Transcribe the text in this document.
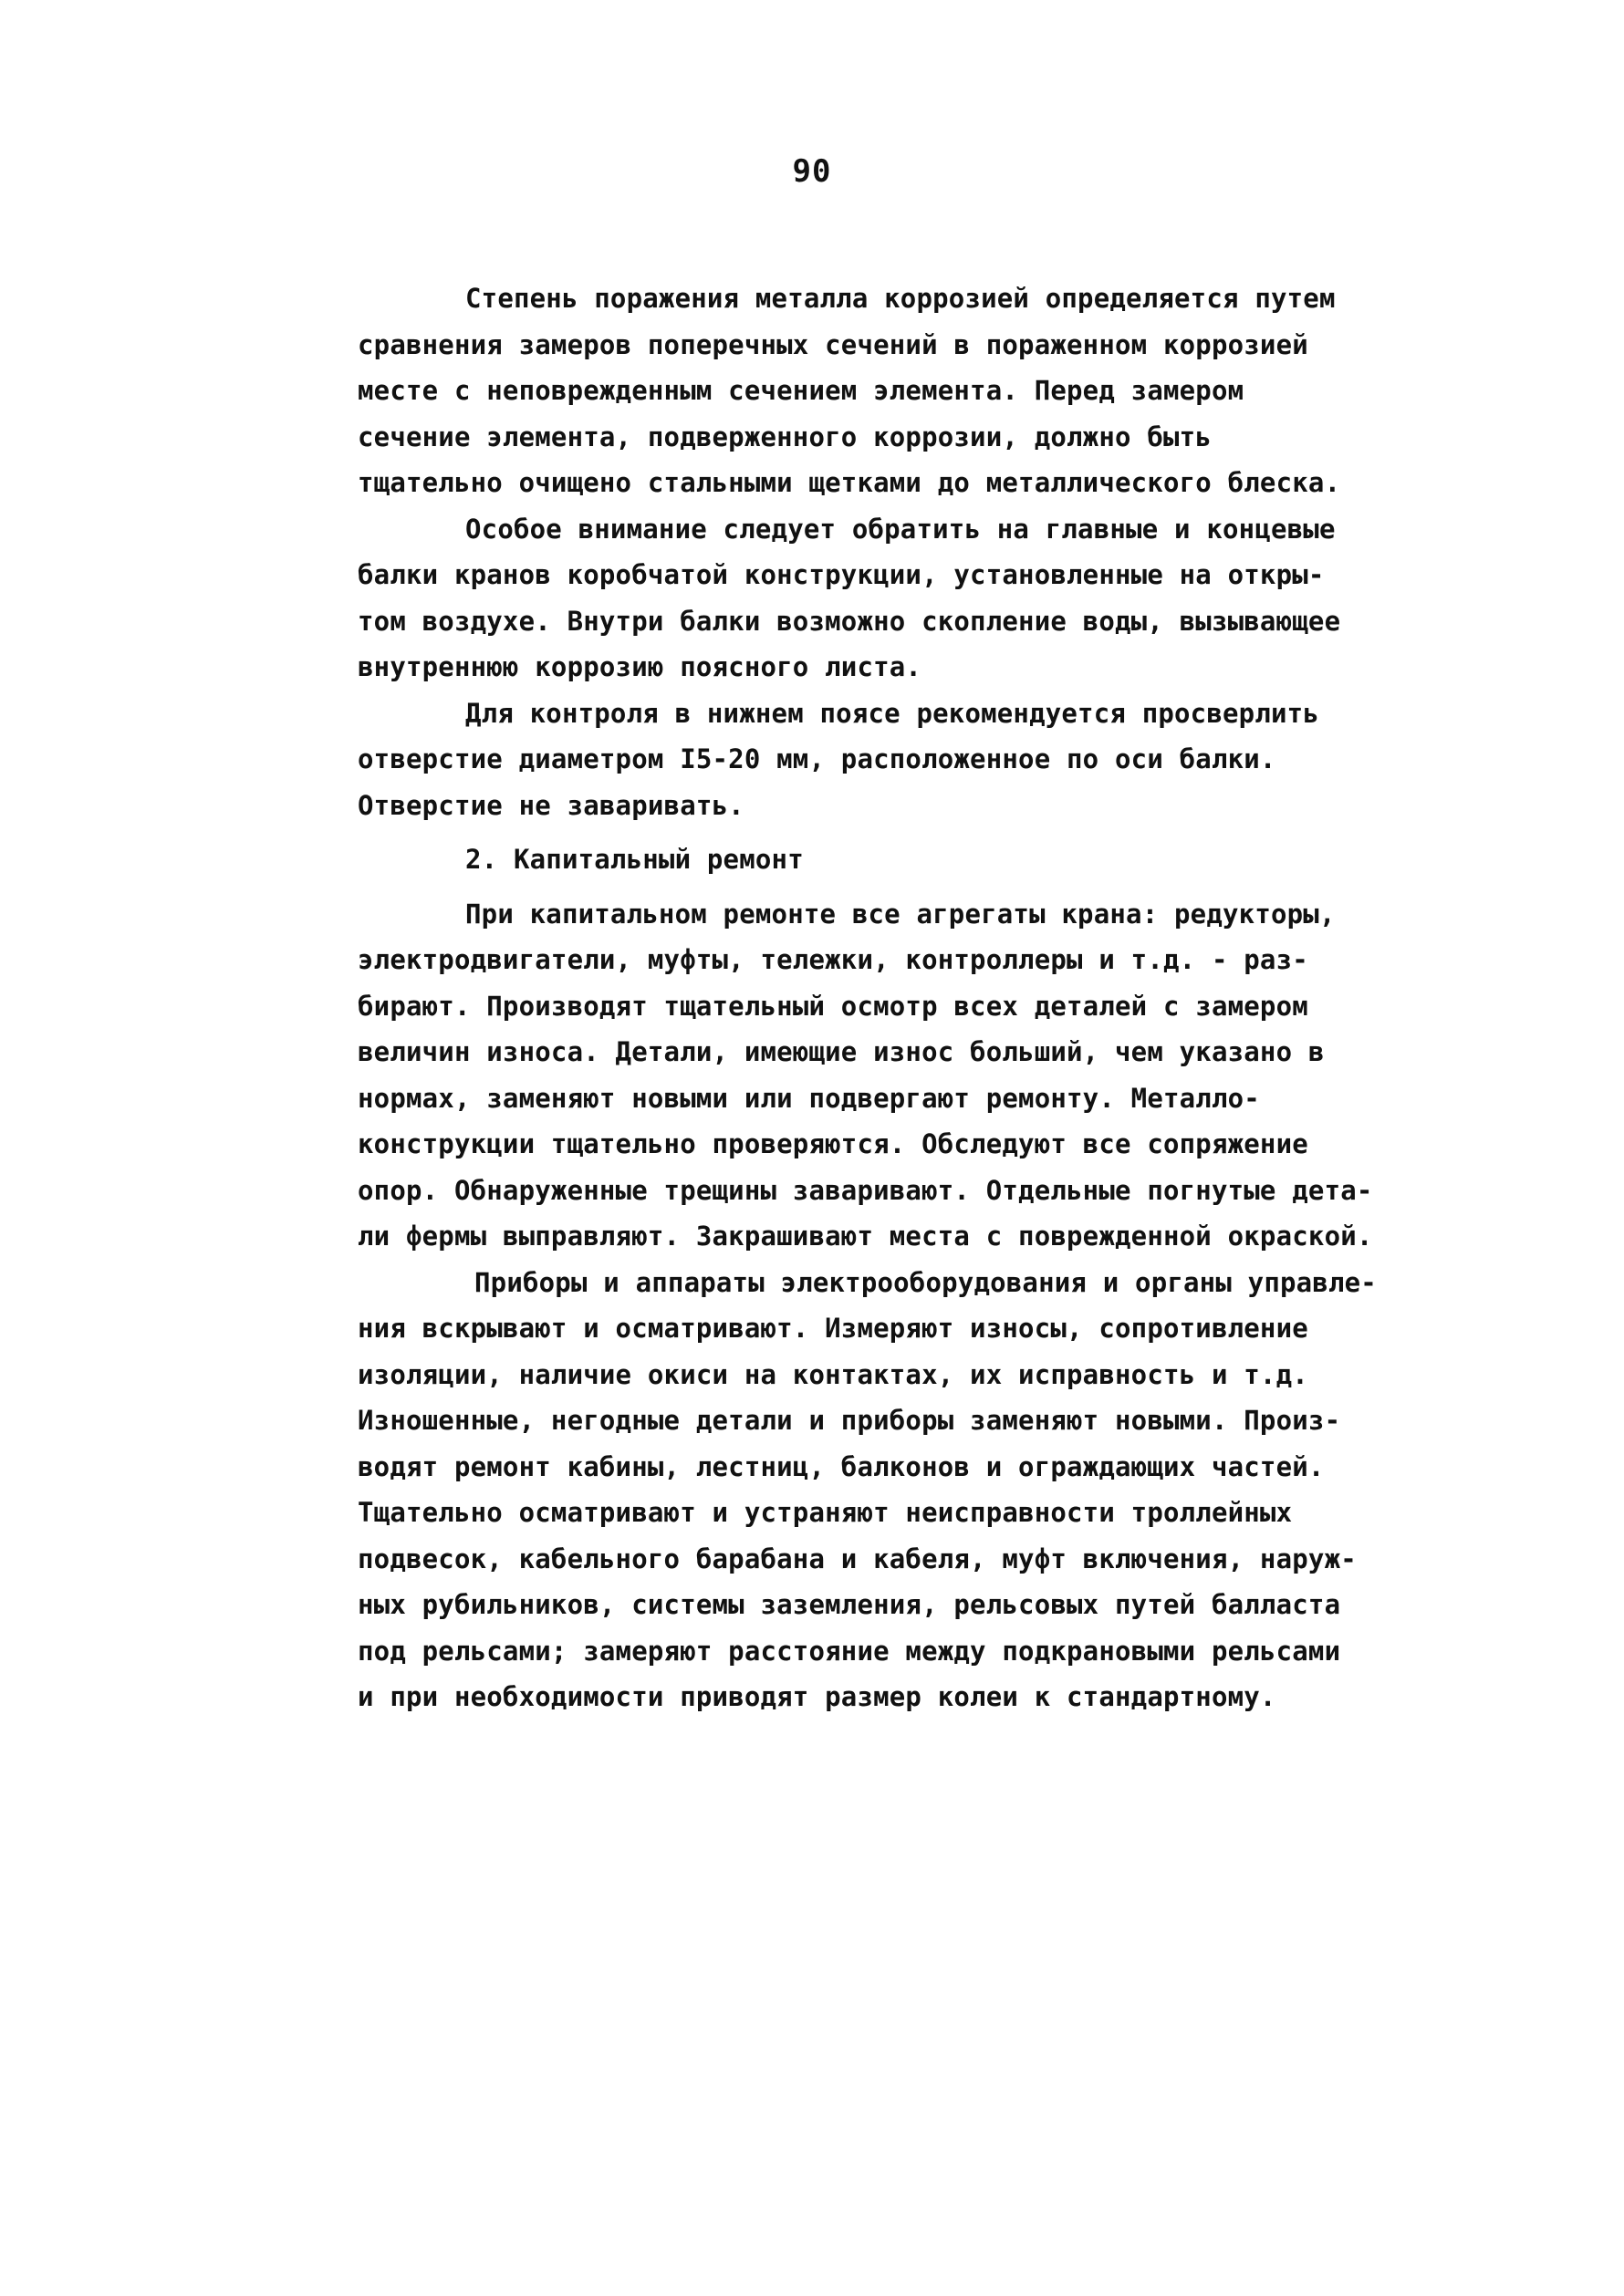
90
Степень поражения металла коррозией определяется путем
сравнения замеров поперечных сечений в пораженном коррозией
месте с неповрежденным сечением элемента. Перед замером
сечение элемента, подверженного коррозии, должно быть
тщательно очищено стальными щетками до металлического блеска.
Особое внимание следует обратить на главные и концевые
балки кранов коробчатой конструкции, установленные на откры-
том воздухе. Внутри балки возможно скопление воды, вызывающее
внутреннюю коррозию поясного листа.
Для контроля в нижнем поясе рекомендуется просверлить
отверстие диаметром I5-20 мм, расположенное по оси балки.
Отверстие не заваривать.
2. Капитальный ремонт
При капитальном ремонте все агрегаты крана: редукторы,
электродвигатели, муфты, тележки, контроллеры и т.д. - раз-
бирают. Производят тщательный осмотр всех деталей с замером
величин износа. Детали, имеющие износ больший, чем указано в
нормах, заменяют новыми или подвергают ремонту. Металло-
конструкции тщательно проверяются. Обследуют все сопряжение
опор. Обнаруженные трещины заваривают. Отдельные погнутые дета-
ли фермы выправляют. Закрашивают места с поврежденной окраской.
Приборы и аппараты электрооборудования и органы управле-
ния вскрывают и осматривают. Измеряют износы, сопротивление
изоляции, наличие окиси на контактах, их исправность и т.д.
Изношенные, негодные детали и приборы заменяют новыми. Произ-
водят ремонт кабины, лестниц, балконов и ограждающих частей.
Тщательно осматривают и устраняют неисправности троллейных
подвесок, кабельного барабана и кабеля, муфт включения, наруж-
ных рубильников, системы заземления, рельсовых путей балласта
под рельсами; замеряют расстояние между подкрановыми рельсами
и при необходимости приводят размер колеи к стандартному.
